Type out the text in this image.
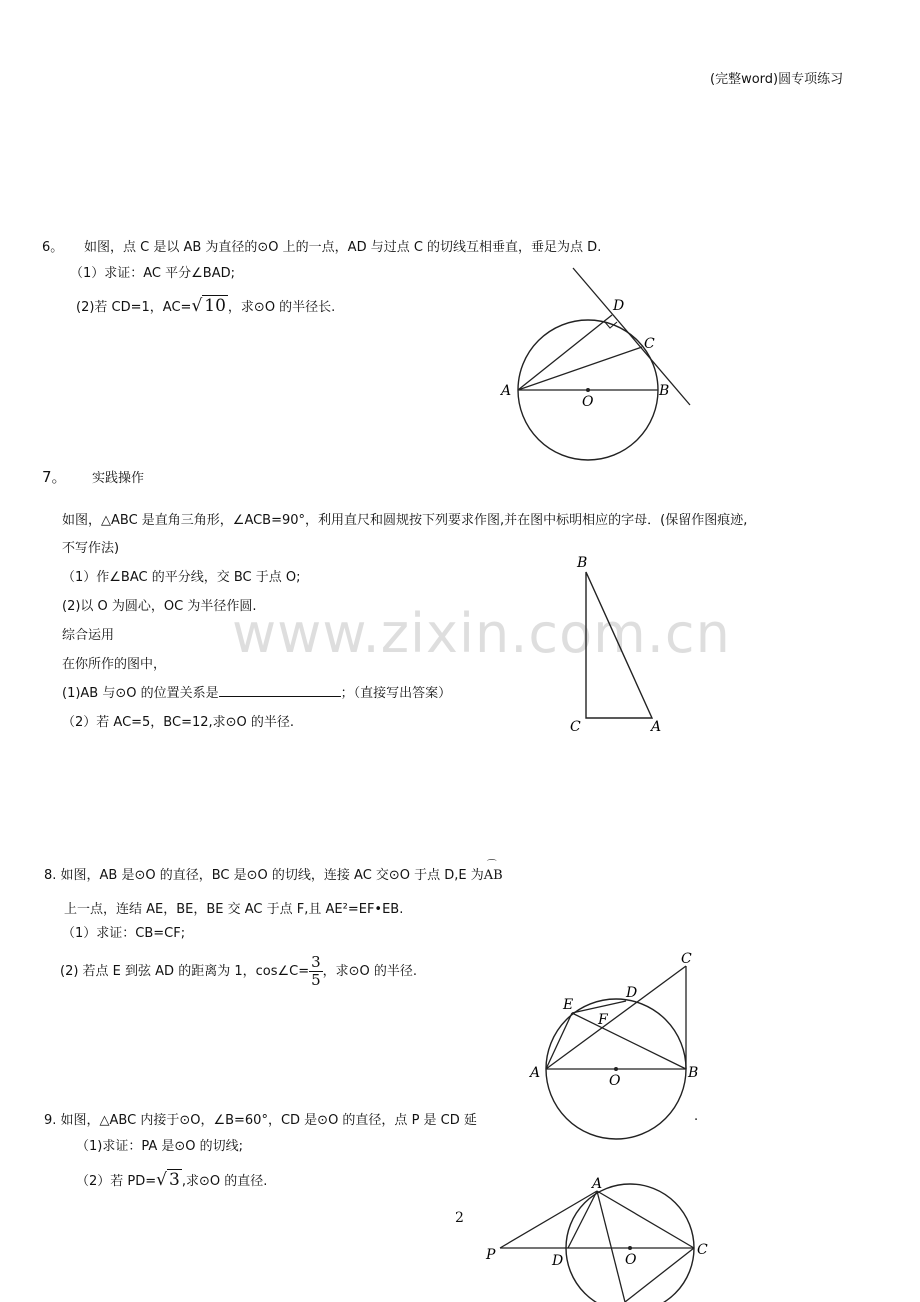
(完整word)圆专项练习
www.zixin.com.cn
6。 如图，点 C 是以 AB 为直径的⊙O 上的一点，AD 与过点 C 的切线互相垂直，垂足为点 D.
（1）求证：AC 平分∠BAD;
(2)若 CD=1，AC=√ 10 ，求⊙O 的半径长.
A	B
C
D
O
7。 实践操作
如图，△ABC 是直角三角形，∠ACB=90°，利用直尺和圆规按下列要求作图,并在图中标明相应的字母．(保留作图痕迹,
不写作法)
（1）作∠BAC 的平分线，交 BC 于点 O;
(2)以 O 为圆心，OC 为半径作圆.
综合运用
在你所作的图中，
(1)AB 与⊙O 的位置关系是	；（直接写出答案）
（2）若 AC=5，BC=12,求⊙O 的半径.
B
C	A
8. 如图，AB 是⊙O 的直径，BC 是⊙O 的切线，连接 AC 交⊙O 于点 D,E 为
⌒
AB
上一点，连结 AE，BE，BE 交 AC 于点 F,且 AE²=EF•EB.
（1）求证：CB=CF;
(2) 若点 E 到弦 AD 的距离为 1，cos∠C= $\frac{3}{5}$ ，求⊙O 的半径.
A	B
C
D
E
F
O
9. 如图，△ABC 内接于⊙O，∠B=60°，CD 是⊙O 的直径，点 P 是 CD 延	.
（1)求证：PA 是⊙O 的切线;
（2）若 PD=√ 3 ,求⊙O 的直径.
2
A
P	D	O
C
